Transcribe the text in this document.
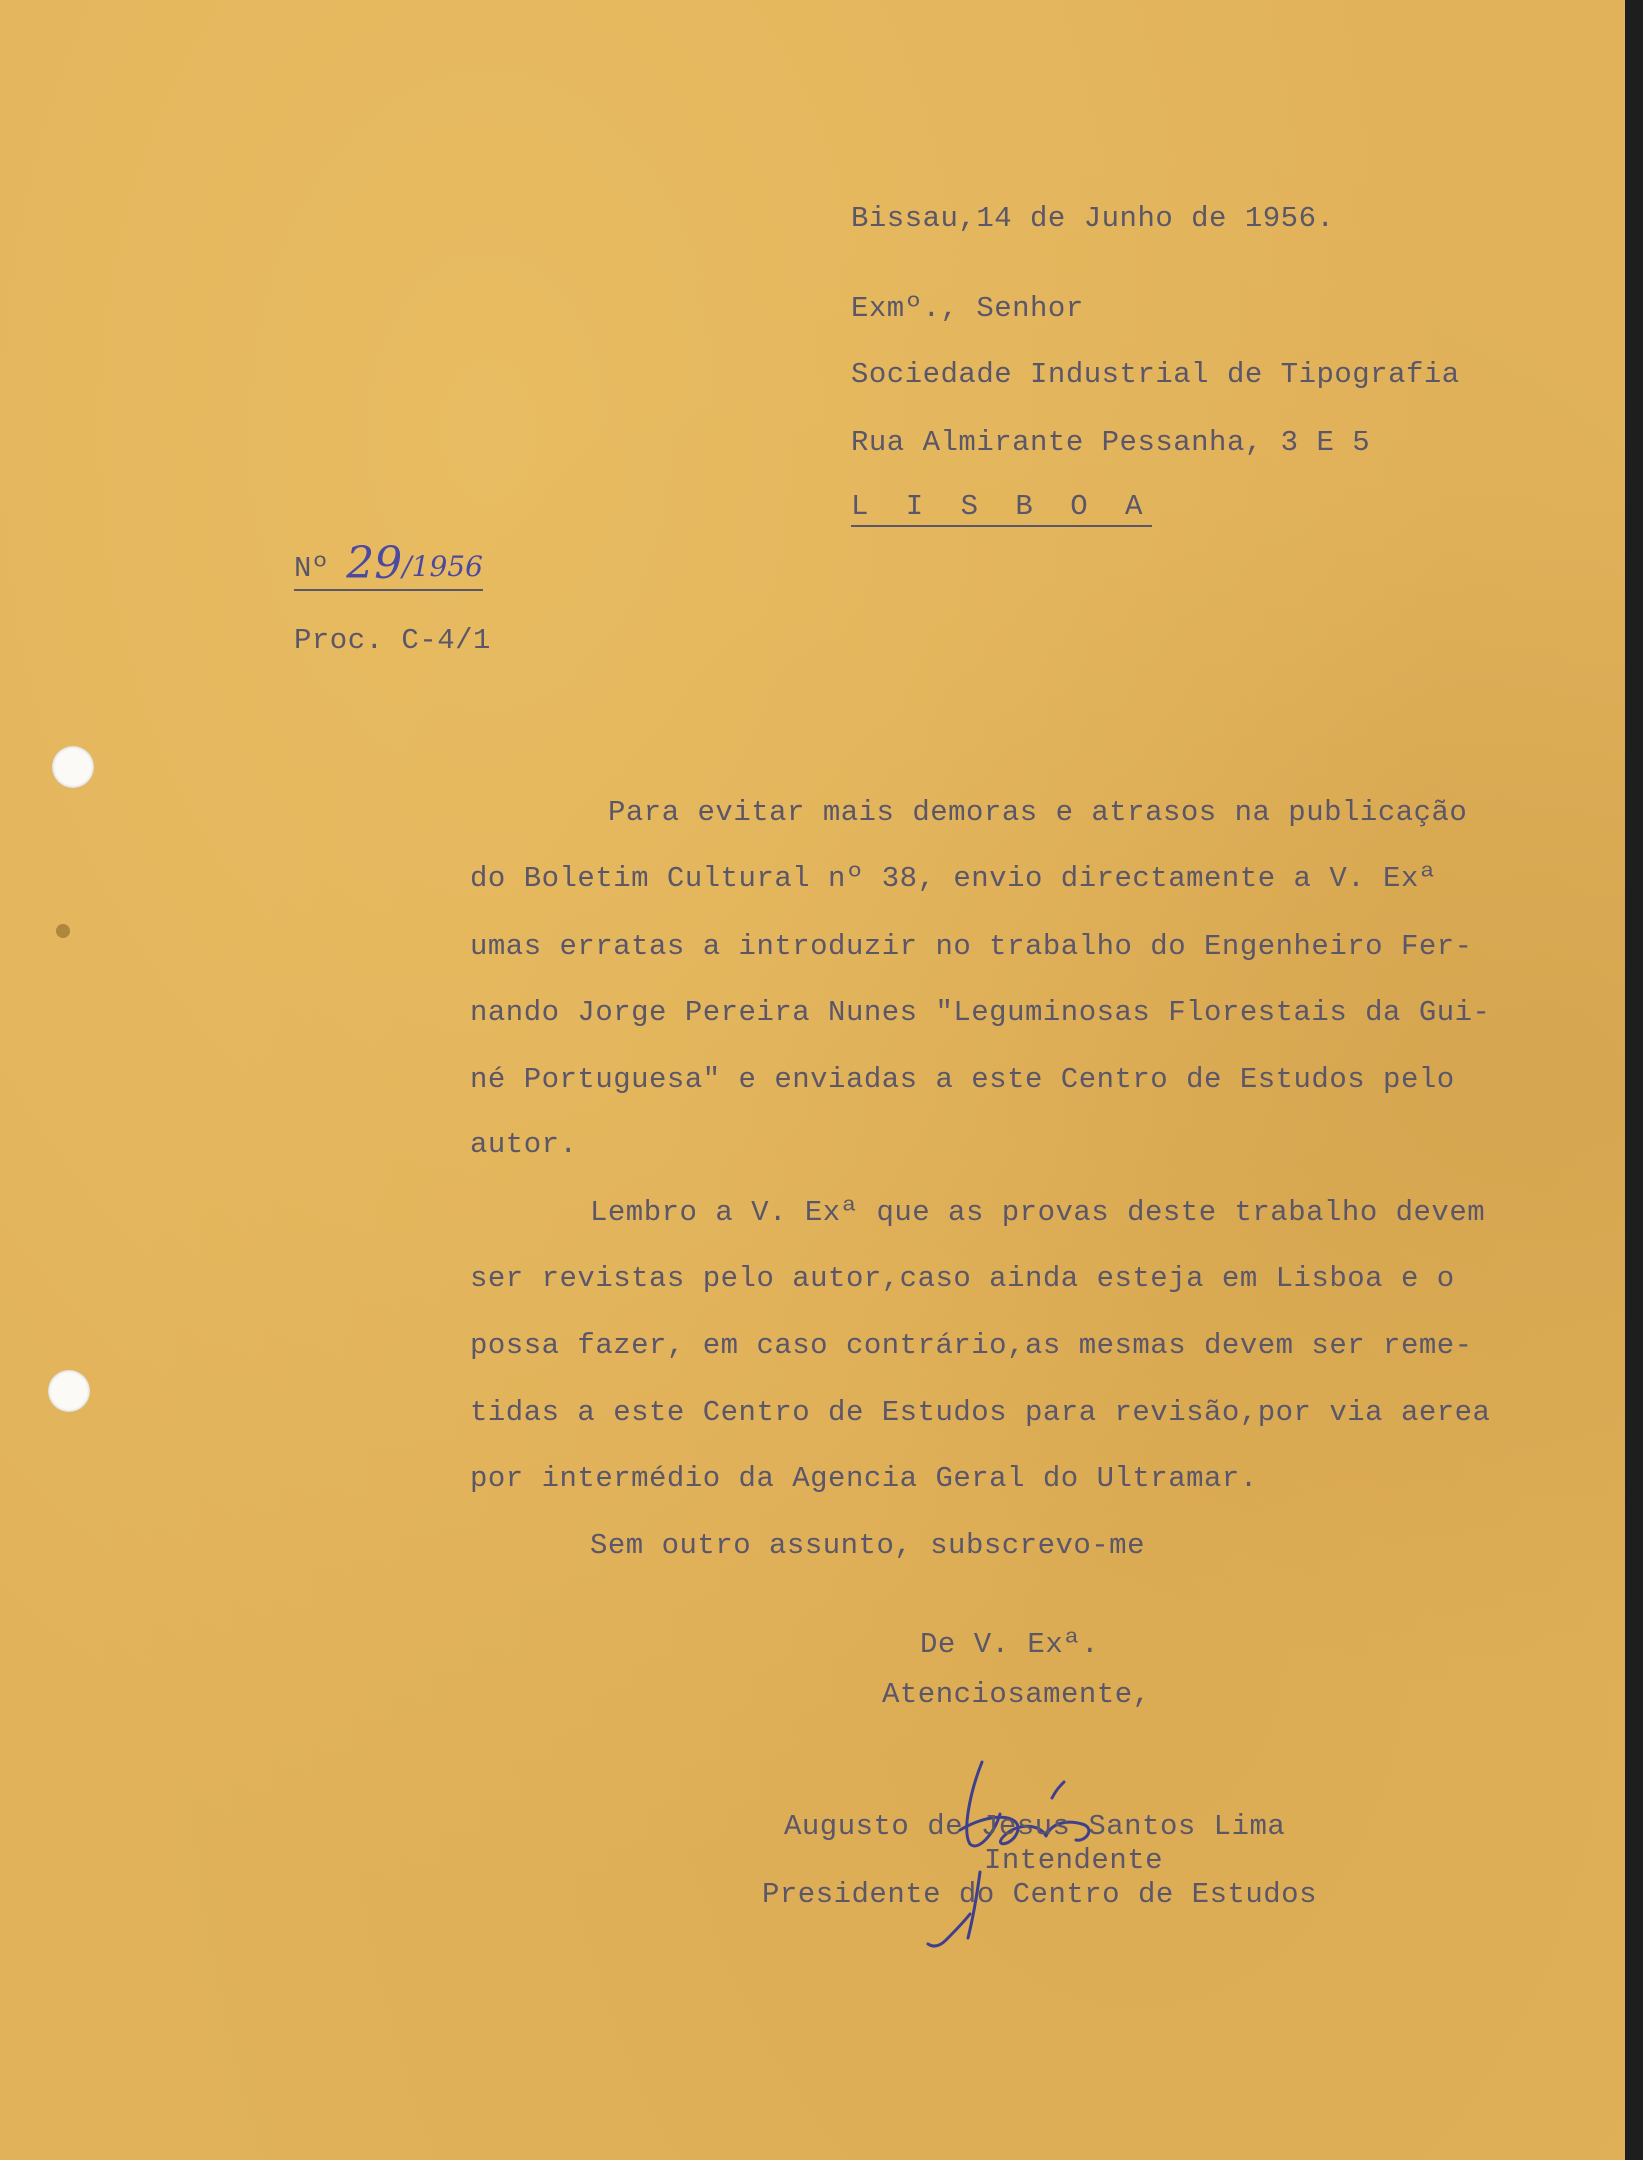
Bissau,14 de Junho de 1956.
Exmº., Senhor
Sociedade Industrial de Tipografia
Rua Almirante Pessanha, 3 E 5
L I S B O A
Nº 29/1956
Proc. C-4/1
Para evitar mais demoras e atrasos na publicação
do Boletim Cultural nº 38, envio directamente a V. Exª
umas erratas a introduzir no trabalho do Engenheiro Fer-
nando Jorge Pereira Nunes "Leguminosas Florestais da Gui-
né Portuguesa" e enviadas a este Centro de Estudos pelo
autor.
Lembro a V. Exª que as provas deste trabalho devem
ser revistas pelo autor,caso ainda esteja em Lisboa e o
possa fazer, em caso contrário,as mesmas devem ser reme-
tidas a este Centro de Estudos para revisão,por via aerea
por intermédio da Agencia Geral do Ultramar.
Sem outro assunto, subscrevo-me
De V. Exª.
Atenciosamente,
Augusto de Jesus Santos Lima
Intendente
Presidente do Centro de Estudos
